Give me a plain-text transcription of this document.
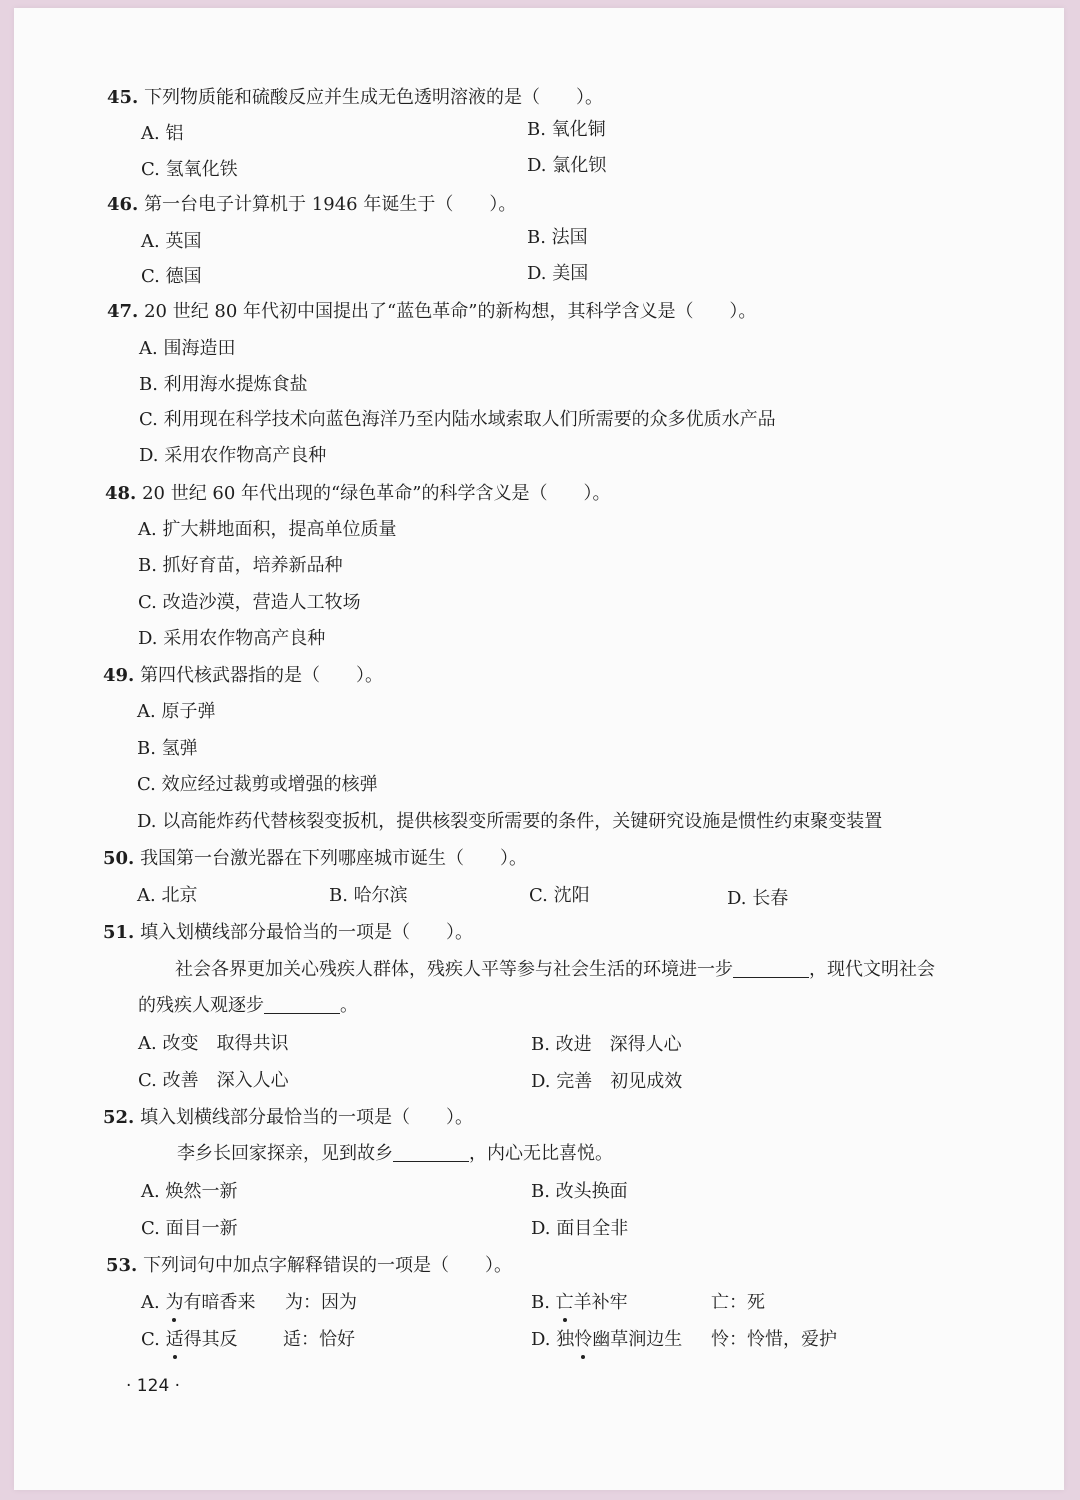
45. 下列物质能和硫酸反应并生成无色透明溶液的是（　　）。
A. 铝	B. 氧化铜
C. 氢氧化铁	D. 氯化钡
46. 第一台电子计算机于 1946 年诞生于（　　）。
A. 英国	B. 法国
C. 德国	D. 美国
47. 20 世纪 80 年代初中国提出了“蓝色革命”的新构想，其科学含义是（　　）。
A. 围海造田
B. 利用海水提炼食盐
C. 利用现在科学技术向蓝色海洋乃至内陆水域索取人们所需要的众多优质水产品
D. 采用农作物高产良种
48. 20 世纪 60 年代出现的“绿色革命”的科学含义是（　　）。
A. 扩大耕地面积，提高单位质量
B. 抓好育苗，培养新品种
C. 改造沙漠，营造人工牧场
D. 采用农作物高产良种
49. 第四代核武器指的是（　　）。
A. 原子弹
B. 氢弹
C. 效应经过裁剪或增强的核弹
D. 以高能炸药代替核裂变扳机，提供核裂变所需要的条件，关键研究设施是惯性约束聚变装置
50. 我国第一台激光器在下列哪座城市诞生（　　）。
A. 北京	B. 哈尔滨	C. 沈阳	D. 长春
51. 填入划横线部分最恰当的一项是（　　）。
社会各界更加关心残疾人群体，残疾人平等参与社会生活的环境进一步	，现代文明社会
的残疾人观逐步	。
A. 改变　取得共识	B. 改进　深得人心
C. 改善　深入人心	D. 完善　初见成效
52. 填入划横线部分最恰当的一项是（　　）。
李乡长回家探亲，见到故乡	，内心无比喜悦。
A. 焕然一新	B. 改头换面
C. 面目一新	D. 面目全非
53. 下列词句中加点字解释错误的一项是（　　）。
A. 为有暗香来 为：因为	B. 亡羊补牢	亡：死
C. 适得其反	适：恰好	D. 独怜幽草涧边生 怜：怜惜，爱护
· 124 ·
